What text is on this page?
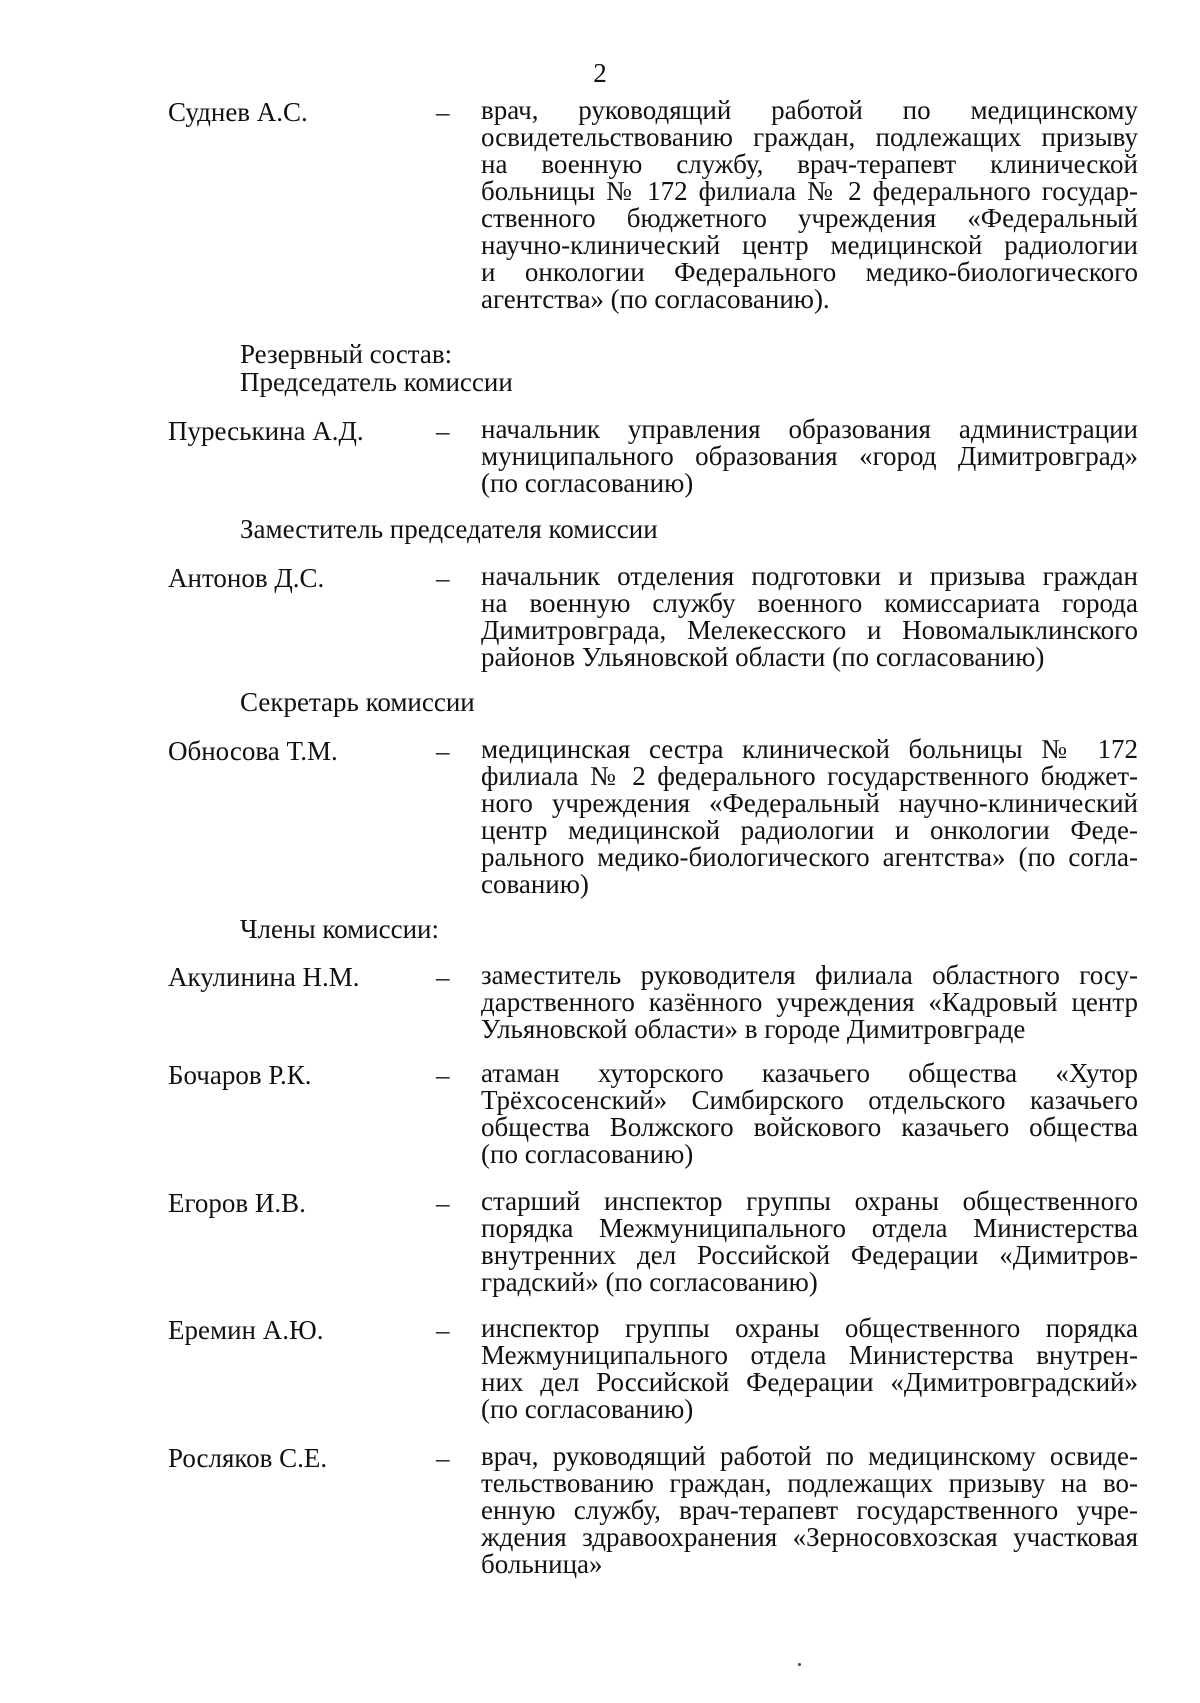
2
Суднев А.С.	– врач, руководящий работой по медицинскому
освидетельствованию граждан, подлежащих призыву
на военную службу, врач-терапевт клинической
больницы № 172 филиала № 2 федерального государ-
ственного бюджетного учреждения «Федеральный
научно-клинический центр медицинской радиологии
и онкологии Федерального медико-биологического
агентства» (по согласованию).
Резервный состав:
Председатель комиссии
Пуреськина А.Д.	– начальник управления образования администрации
муниципального образования «город Димитровград»
(по согласованию)
Заместитель председателя комиссии
Антонов Д.С.	– начальник отделения подготовки и призыва граждан
на военную службу военного комиссариата города
Димитровграда, Мелекесского и Новомалыклинского
районов Ульяновской области (по согласованию)
Секретарь комиссии
Обносова Т.М.	– медицинская сестра клинической больницы № 172
филиала № 2 федерального государственного бюджет-
ного учреждения «Федеральный научно-клинический
центр медицинской радиологии и онкологии Феде-
рального медико-биологического агентства» (по согла-
сованию)
Члены комиссии:
Акулинина Н.М.	– заместитель руководителя филиала областного госу-
дарственного казённого учреждения «Кадровый центр
Ульяновской области» в городе Димитровграде
Бочаров Р.К.	– атаман хуторского казачьего общества «Хутор
Трёхсосенский» Симбирского отдельского казачьего
общества Волжского войскового казачьего общества
(по согласованию)
Егоров И.В.	– старший инспектор группы охраны общественного
порядка Межмуниципального отдела Министерства
внутренних дел Российской Федерации «Димитров-
градский» (по согласованию)
Еремин А.Ю.	– инспектор группы охраны общественного порядка
Межмуниципального отдела Министерства внутрен-
них дел Российской Федерации «Димитровградский»
(по согласованию)
Росляков С.Е.	– врач, руководящий работой по медицинскому освиде-
тельствованию граждан, подлежащих призыву на во-
енную службу, врач-терапевт государственного учре-
ждения здравоохранения «Зерносовхозская участковая
больница»
